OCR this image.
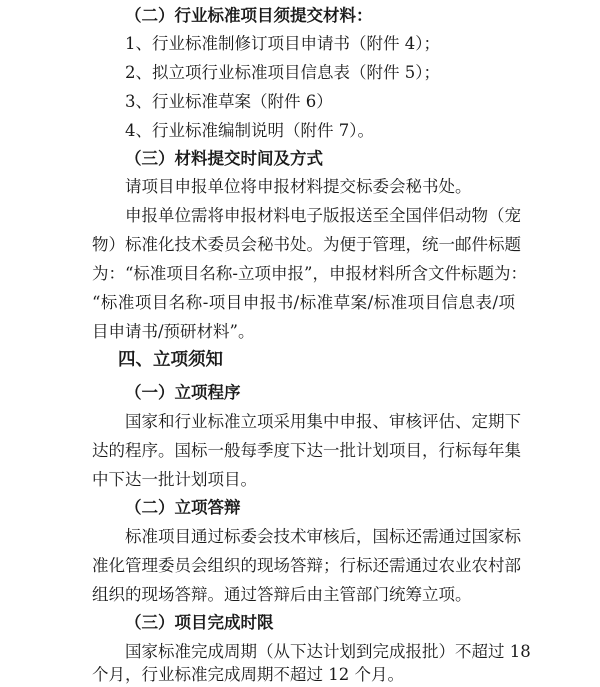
（二）行业标准项目须提交材料：
1、行业标准制修订项目申请书（附件 4）；
2、拟立项行业标准项目信息表（附件 5）；
3、行业标准草案（附件 6）
4、行业标准编制说明（附件 7）。
（三）材料提交时间及方式
请项目申报单位将申报材料提交标委会秘书处。
申报单位需将申报材料电子版报送至全国伴侣动物（宠
物）标准化技术委员会秘书处。为便于管理，统一邮件标题
为：“标准项目名称-立项申报”，申报材料所含文件标题为：
“标准项目名称-项目申报书/标准草案/标准项目信息表/项
目申请书/预研材料”。
四、立项须知
（一）立项程序
国家和行业标准立项采用集中申报、审核评估、定期下
达的程序。国标一般每季度下达一批计划项目，行标每年集
中下达一批计划项目。
（二）立项答辩
标准项目通过标委会技术审核后，国标还需通过国家标
准化管理委员会组织的现场答辩；行标还需通过农业农村部
组织的现场答辩。通过答辩后由主管部门统筹立项。
（三）项目完成时限
国家标准完成周期（从下达计划到完成报批）不超过 18
个月，行业标准完成周期不超过 12 个月。
